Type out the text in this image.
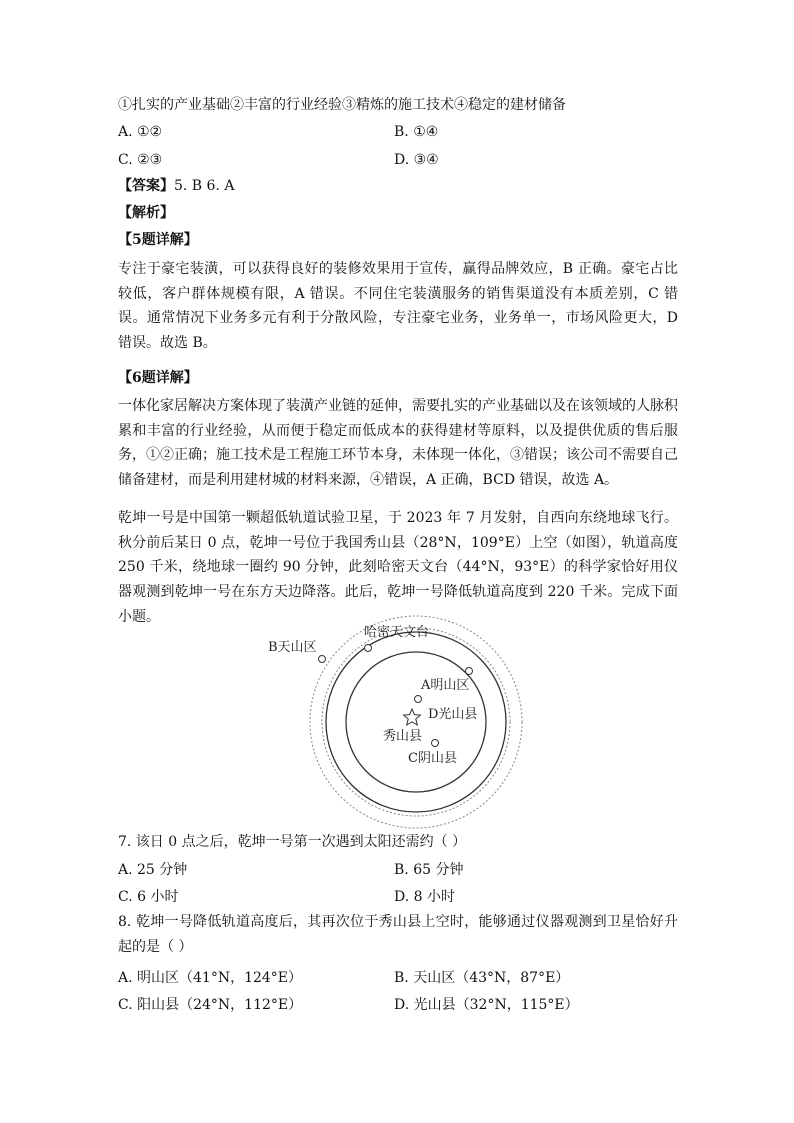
①扎实的产业基础②丰富的行业经验③精炼的施工技术④稳定的建材储备
A. ①②	B. ①④
C. ②③	D. ③④
【答案】5. B 6. A
【解析】
【5题详解】
专注于豪宅装潢，可以获得良好的装修效果用于宣传，赢得品牌效应，B 正确。豪宅占比较低，客户群体规模有限，A 错误。不同住宅装潢服务的销售渠道没有本质差别，C 错误。通常情况下业务多元有利于分散风险，专注豪宅业务，业务单一，市场风险更大，D 错误。故选 B。
【6题详解】
一体化家居解决方案体现了装潢产业链的延伸，需要扎实的产业基础以及在该领域的人脉积累和丰富的行业经验，从而便于稳定而低成本的获得建材等原料，以及提供优质的售后服务，①②正确；施工技术是工程施工环节本身，未体现一体化，③错误；该公司不需要自己储备建材，而是利用建材城的材料来源，④错误，A 正确，BCD 错误，故选 A。
乾坤一号是中国第一颗超低轨道试验卫星，于 2023 年 7 月发射，自西向东绕地球飞行。秋分前后某日 0 点，乾坤一号位于我国秀山县（28°N，109°E）上空（如图），轨道高度 250 千米，绕地球一圈约 90 分钟，此刻哈密天文台（44°N，93°E）的科学家恰好用仪器观测到乾坤一号在东方天边降落。此后，乾坤一号降低轨道高度到 220 千米。完成下面小题。
哈密天文台
B天山区
A明山区
D光山县
秀山县
C阴山县
7. 该日 0 点之后，乾坤一号第一次遇到太阳还需约（ ）
A. 25 分钟	B. 65 分钟
C. 6 小时	D. 8 小时
8. 乾坤一号降低轨道高度后，其再次位于秀山县上空时，能够通过仪器观测到卫星恰好升起的是（ ）
A. 明山区（41°N，124°E）	B. 天山区（43°N，87°E）
C. 阳山县（24°N，112°E）	D. 光山县（32°N，115°E）
